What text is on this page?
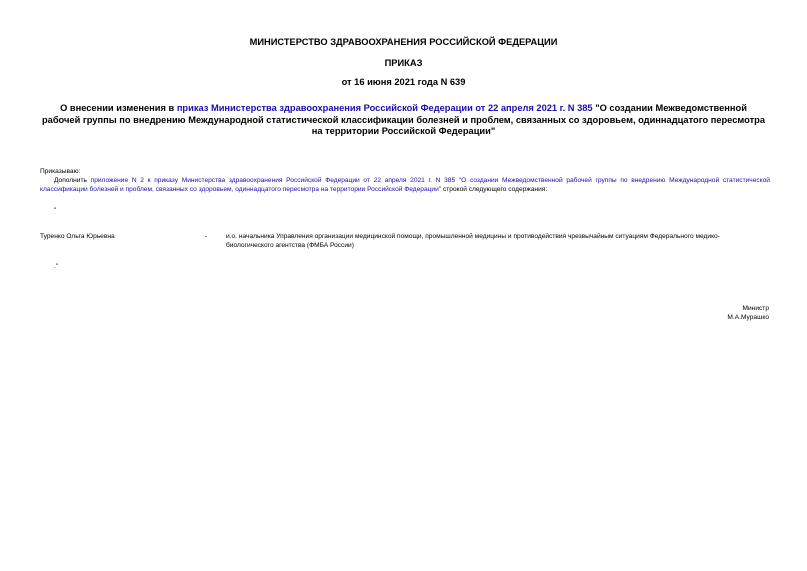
МИНИСТЕРСТВО ЗДРАВООХРАНЕНИЯ РОССИЙСКОЙ ФЕДЕРАЦИИ
ПРИКАЗ
от 16 июня 2021 года N 639
О внесении изменения в приказ Министерства здравоохранения Российской Федерации от 22 апреля 2021 г. N 385 "О создании Межведомственной рабочей группы по внедрению Международной статистической классификации болезней и проблем, связанных со здоровьем, одиннадцатого пересмотра на территории Российской Федерации"
Приказываю:
Дополнить приложение N 2 к приказу Министерства здравоохранения Российской Федерации от 22 апреля 2021 г. N 385 "О создании Межведомственной рабочей группы по внедрению Международной статистической классификации болезней и проблем, связанных со здоровьем, одиннадцатого пересмотра на территории Российской Федерации" строкой следующего содержания:
"
Туренко Ольга Юрьевна	-	и.о. начальника Управления организации медицинской помощи, промышленной медицины и противодействия чрезвычайным ситуациям Федерального медико-биологического агентства (ФМБА России)
."
Министр
М.А.Мурашко
